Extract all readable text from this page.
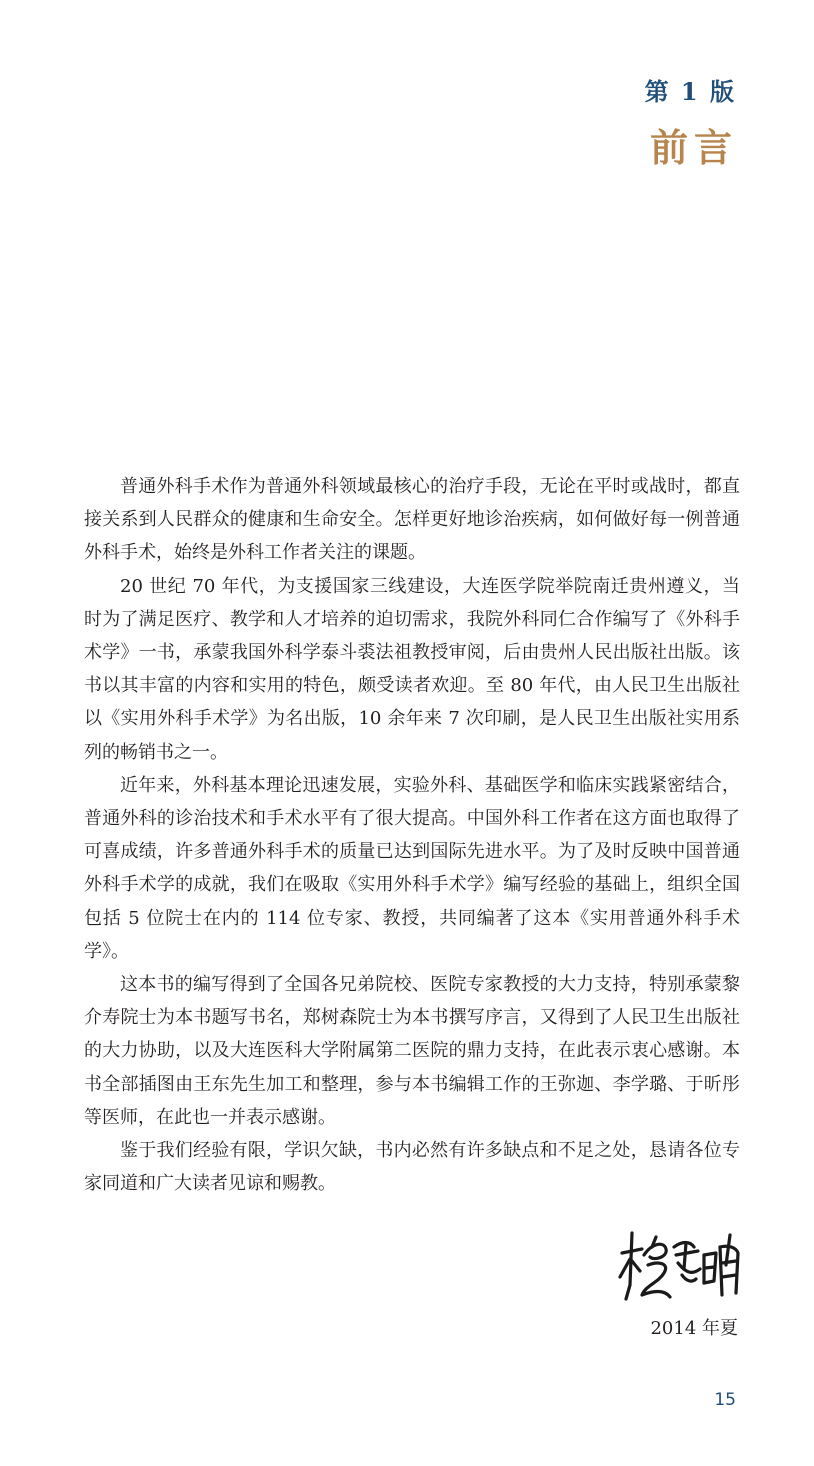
第 1 版
前言

普通外科手术作为普通外科领域最核心的治疗手段，无论在平时或战时，都直接关系到人民群众的健康和生命安全。怎样更好地诊治疾病，如何做好每一例普通外科手术，始终是外科工作者关注的课题。

20 世纪 70 年代，为支援国家三线建设，大连医学院举院南迁贵州遵义，当时为了满足医疗、教学和人才培养的迫切需求，我院外科同仁合作编写了《外科手术学》一书，承蒙我国外科学泰斗裘法祖教授审阅，后由贵州人民出版社出版。该书以其丰富的内容和实用的特色，颇受读者欢迎。至 80 年代，由人民卫生出版社以《实用外科手术学》为名出版，10 余年来 7 次印刷，是人民卫生出版社实用系列的畅销书之一。

近年来，外科基本理论迅速发展，实验外科、基础医学和临床实践紧密结合，普通外科的诊治技术和手术水平有了很大提高。中国外科工作者在这方面也取得了可喜成绩，许多普通外科手术的质量已达到国际先进水平。为了及时反映中国普通外科手术学的成就，我们在吸取《实用外科手术学》编写经验的基础上，组织全国包括 5 位院士在内的 114 位专家、教授，共同编著了这本《实用普通外科手术学》。

这本书的编写得到了全国各兄弟院校、医院专家教授的大力支持，特别承蒙黎介寿院士为本书题写书名，郑树森院士为本书撰写序言，又得到了人民卫生出版社的大力协助，以及大连医科大学附属第二医院的鼎力支持，在此表示衷心感谢。本书全部插图由王东先生加工和整理，参与本书编辑工作的王弥迦、李学璐、于昕彤等医师，在此也一并表示感谢。

鉴于我们经验有限，学识欠缺，书内必然有许多缺点和不足之处，恳请各位专家同道和广大读者见谅和赐教。

2014 年夏
15
